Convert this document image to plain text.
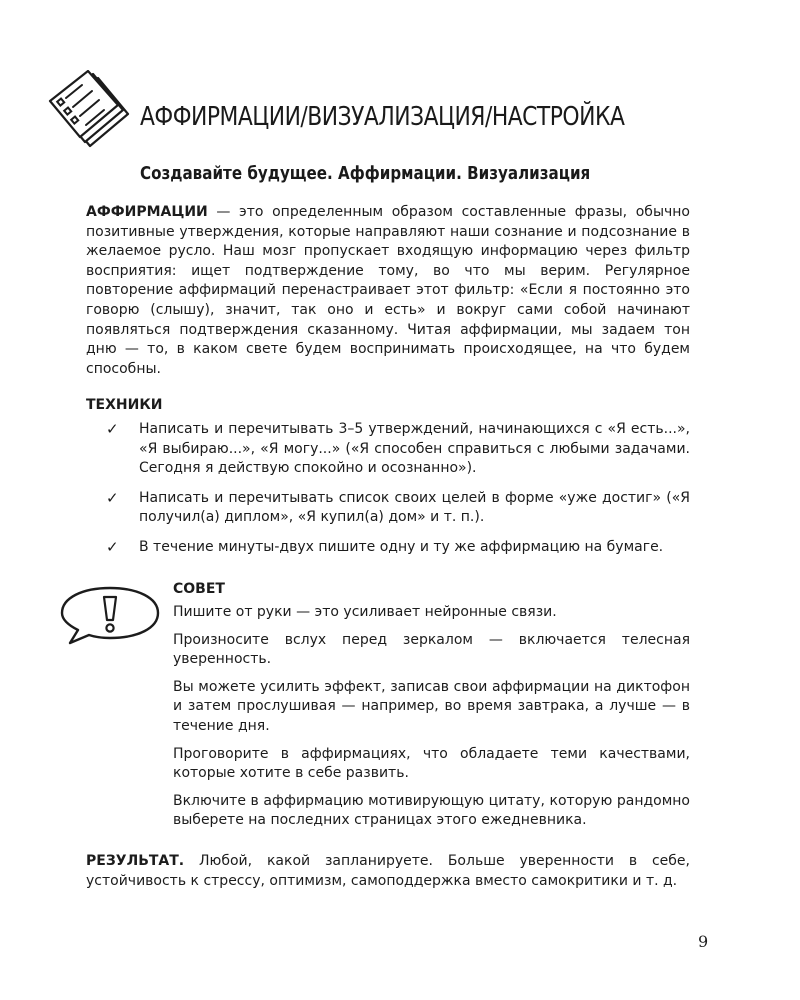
АФФИРМАЦИИ/ВИЗУАЛИЗАЦИЯ/НАСТРОЙКА
Создавайте будущее. Аффирмации. Визуализация

АФФИРМАЦИИ — это определенным образом составленные фразы, обычно позитивные утверждения, которые направляют наши сознание и подсознание в желаемое русло. Наш мозг пропускает входящую информацию через фильтр восприятия: ищет подтверждение тому, во что мы верим. Регулярное повторение аффирмаций перенастраивает этот фильтр: «Если я постоянно это говорю (слышу), значит, так оно и есть» и вокруг сами собой начинают появляться подтверждения сказанному. Читая аффирмации, мы задаем тон дню — то, в каком свете будем воспринимать происходящее, на что будем способны.

ТЕХНИКИ

✓ Написать и перечитывать 3–5 утверждений, начинающихся с «Я есть...», «Я выбираю...», «Я могу...» («Я способен справиться с любыми задачами. Сегодня я действую спокойно и осознанно»).
✓ Написать и перечитывать список своих целей в форме «уже достиг» («Я получил(а) диплом», «Я купил(а) дом» и т. п.).
✓ В течение минуты-двух пишите одну и ту же аффирмацию на бумаге.

СОВЕТ

Пишите от руки — это усиливает нейронные связи.
Произносите вслух перед зеркалом — включается телесная уверенность.
Вы можете усилить эффект, записав свои аффирмации на диктофон и затем прослушивая — например, во время завтрака, а лучше — в течение дня.
Проговорите в аффирмациях, что обладаете теми качествами, которые хотите в себе развить.
Включите в аффирмацию мотивирующую цитату, которую рандомно выберете на последних страницах этого ежедневника.

РЕЗУЛЬТАТ. Любой, какой запланируете. Больше уверенности в себе, устойчивость к стрессу, оптимизм, самоподдержка вместо самокритики и т. д.

9
